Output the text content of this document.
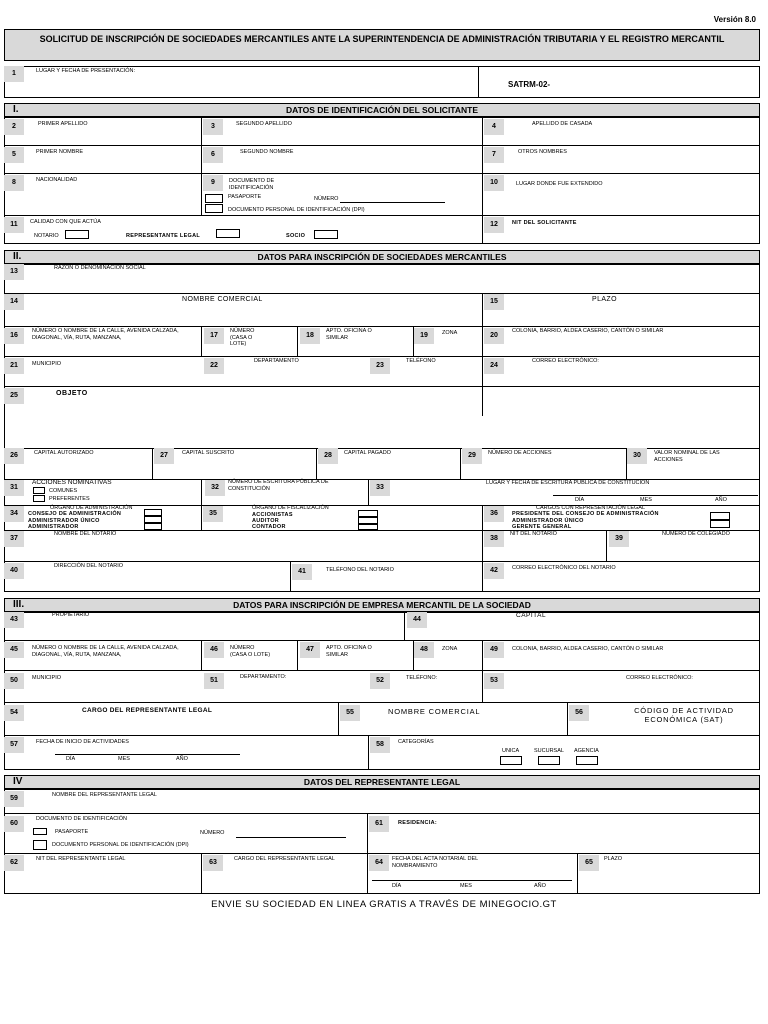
Versión 8.0
SOLICITUD DE INSCRIPCIÓN DE SOCIEDADES MERCANTILES ANTE LA SUPERINTENDENCIA DE ADMINISTRACIÓN TRIBUTARIA Y EL REGISTRO MERCANTIL
1	LUGAR Y FECHA DE PRESENTACIÓN:
SATRM-02-
I.	DATOS DE IDENTIFICACIÓN DEL SOLICITANTE
2	PRIMER APELLIDO	3	SEGUNDO APELLIDO	4	APELLIDO DE CASADA
5	PRIMER NOMBRE	6	SEGUNDO NOMBRE	7	OTROS NOMBRES
8	NACIONALIDAD	9	DOCUMENTO DE IDENTIFICACIÓN
PASAPORTE	NÚMERO
DOCUMENTO PERSONAL DE IDENTIFICACIÓN (DPI)
10	LUGAR DONDE FUE EXTENDIDO
11	CALIDAD CON QUE ACTÚA
NOTARIO	REPRESENTANTE LEGAL	SOCIO
12	NIT DEL SOLICITANTE
II.	DATOS PARA INSCRIPCIÓN DE SOCIEDADES MERCANTILES
13	RAZÓN O DENOMINACIÓN SOCIAL
14	NOMBRE COMERCIAL	15	PLAZO
16
NÚMERO O NOMBRE DE LA CALLE, AVENIDA CALZADA, DIAGONAL, VÍA, RUTA, MANZANA,	17
NÚMERO (CASA O LOTE)
18
APTO. OFICINA O SIMILAR	19	ZONA	20
COLONIA, BARRIO, ALDEA CASERIO, CANTÓN O SIMILAR
21	MUNICIPIO	22
DEPARTAMENTO
23
TELÉFONO
24
CORREO ELECTRÓNICO:
25	OBJETO
26	CAPITAL AUTORIZADO	27	CAPITAL SUSCRITO	28	CAPITAL PAGADO	29	NÚMERO DE ACCIONES	30	VALOR NOMINAL DE LAS ACCIONES
31
ACCIONES NOMINATIVAS
COMUNES
PREFERENTES
32
NÚMERO DE ESCRITURA PÚBLICA DE CONSTITUCIÓN	33
LUGAR Y FECHA DE ESCRITURA PÚBLICA DE CONSTITUCIÓN
DÍA	MES	AÑO
34
ÓRGANO DE ADMINISTRACIÓN
CONSEJO DE ADMINISTRACIÓN
ADMINISTRADOR ÚNICO
ADMINISTRADOR
35
ÓRGANO DE FISCALIZACIÓN
ACCIONISTAS
AUDITOR
CONTADOR
36
CARGOS CON REPRESENTACIÓN LEGAL
PRESIDENTE DEL CONSEJO DE ADMINISTRACIÓN
ADMINISTRADOR ÚNICO
GERENTE GENERAL
37
NOMBRE DEL NOTARIO
38
NIT DEL NOTARIO
39
NÚMERO DE COLEGIADO
40
DIRECCIÓN DEL NOTARIO
41	TELÉFONO DEL NOTARIO	42	CORREO ELECTRÓNICO DEL NOTARIO
III.	DATOS PARA INSCRIPCIÓN DE EMPRESA MERCANTIL DE LA SOCIEDAD
43
PROPIETARIO
44
CAPITAL
45	NÚMERO O NOMBRE DE LA CALLE, AVENIDA CALZADA, DIAGONAL, VÍA, RUTA, MANZANA,
46	NÚMERO (CASA O LOTE)
47	APTO. OFICINA O SIMILAR
48	ZONA	49	COLONIA, BARRIO, ALDEA CASERIO, CANTÓN O SIMILAR
50	MUNICIPIO	51	DEPARTAMENTO:	52	TELÉFONO:	53	CORREO ELECTRÓNICO:
54	CARGO DEL REPRESENTANTE LEGAL	55	NOMBRE COMERCIAL	56	CÓDIGO DE ACTIVIDAD ECONÓMICA (SAT)
57	FECHA DE INICIO DE ACTIVIDADES
DÍA	MES	AÑO
58	CATEGORÍAS
UNICA	SUCURSAL AGENCIA
IV	DATOS DEL REPRESENTANTE LEGAL
59	NOMBRE DEL REPRESENTANTE LEGAL
60
DOCUMENTO DE IDENTIFICACIÓN
PASAPORTE	NÚMERO
DOCUMENTO PERSONAL DE IDENTIFICACIÓN (DPI)
61	RESIDENCIA:
62	NIT DEL REPRESENTANTE LEGAL	63	CARGO DEL REPRESENTANTE LEGAL	64	FECHA DEL ACTA NOTARIAL DEL NOMBRAMIENTO
DÍA	MES	AÑO
65	PLAZO
ENVIE SU SOCIEDAD EN LINEA GRATIS A TRAVÉS DE MINEGOCIO.GT
